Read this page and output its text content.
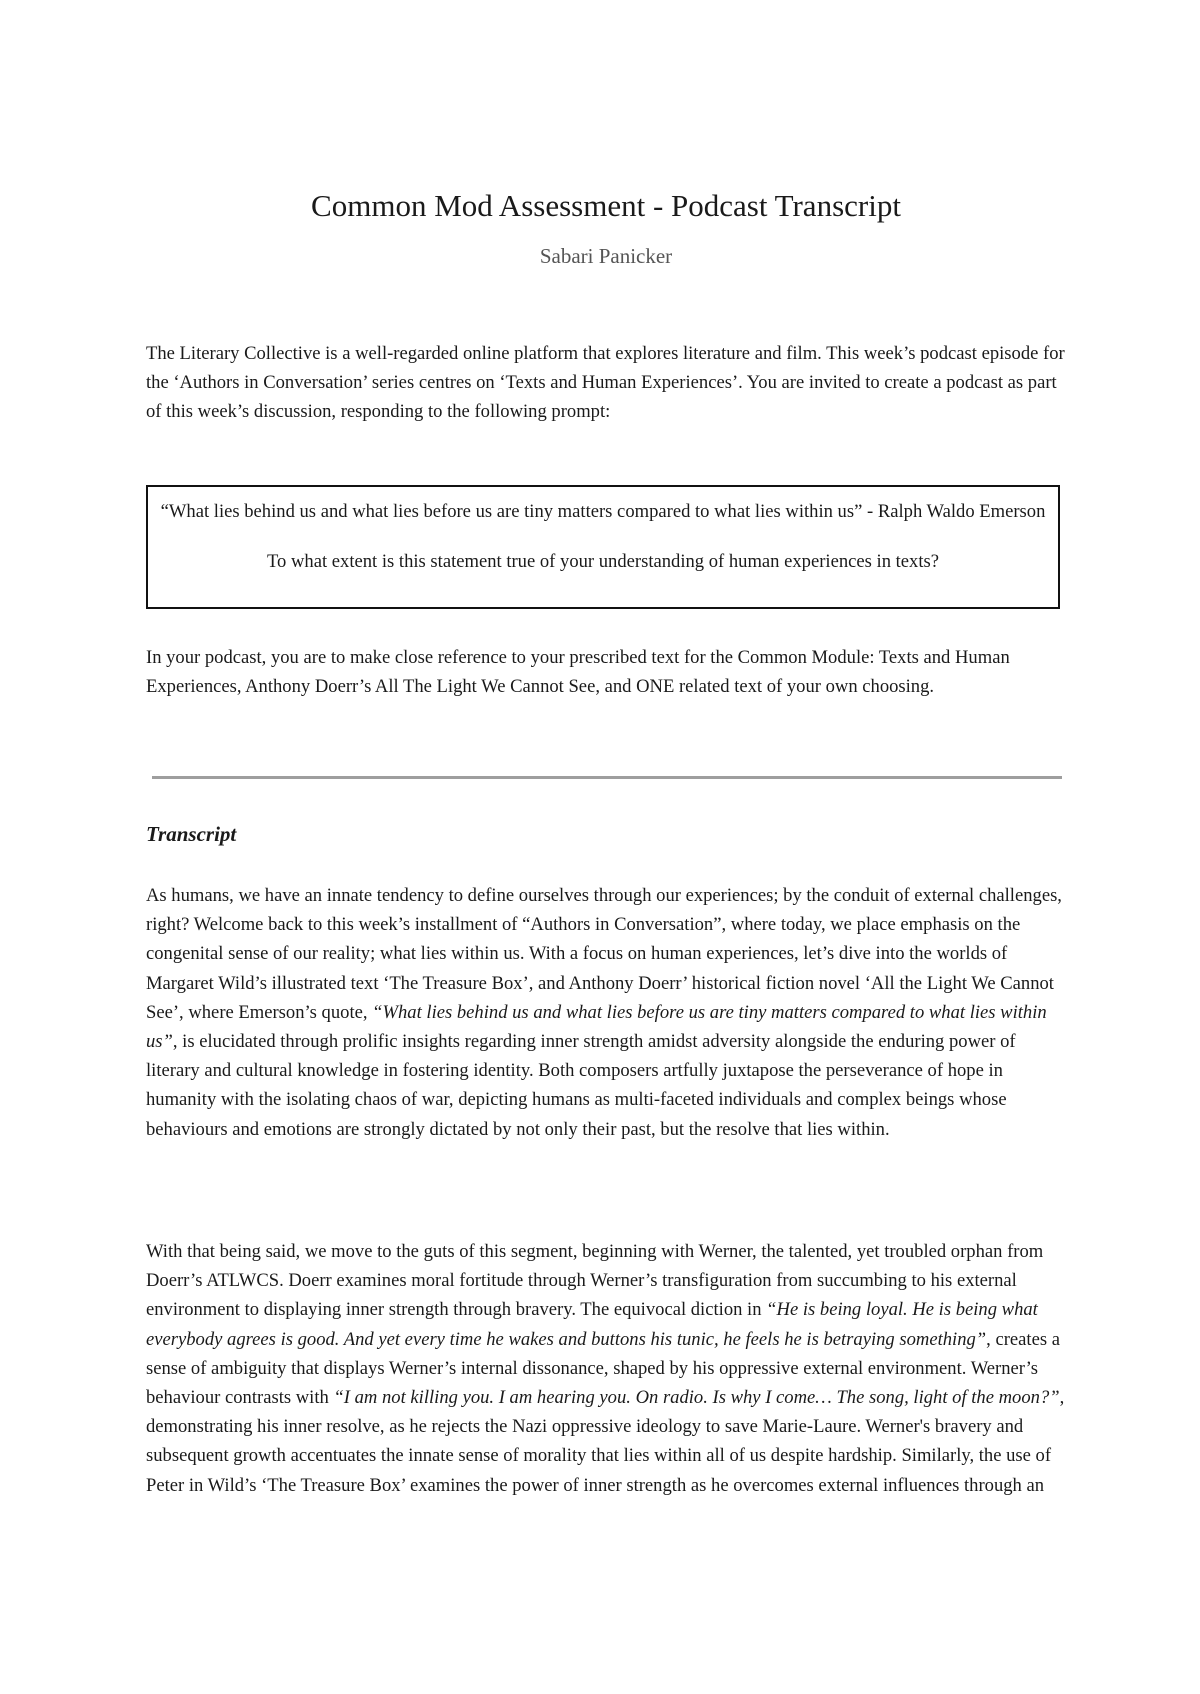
Common Mod Assessment - Podcast Transcript

Sabari Panicker

The Literary Collective is a well-regarded online platform that explores literature and film. This week’s podcast episode for the ‘Authors in Conversation’ series centres on ‘Texts and Human Experiences’. You are invited to create a podcast as part of this week’s discussion, responding to the following prompt:

“What lies behind us and what lies before us are tiny matters compared to what lies within us” - Ralph Waldo Emerson

To what extent is this statement true of your understanding of human experiences in texts?

In your podcast, you are to make close reference to your prescribed text for the Common Module: Texts and Human Experiences, Anthony Doerr’s All The Light We Cannot See, and ONE related text of your own choosing.

Transcript

As humans, we have an innate tendency to define ourselves through our experiences; by the conduit of external challenges, right? Welcome back to this week’s installment of “Authors in Conversation”, where today, we place emphasis on the congenital sense of our reality; what lies within us. With a focus on human experiences, let’s dive into the worlds of Margaret Wild’s illustrated text ‘The Treasure Box’, and Anthony Doerr’ historical fiction novel ‘All the Light We Cannot See’, where Emerson’s quote, “What lies behind us and what lies before us are tiny matters compared to what lies within us”, is elucidated through prolific insights regarding inner strength amidst adversity alongside the enduring power of literary and cultural knowledge in fostering identity. Both composers artfully juxtapose the perseverance of hope in humanity with the isolating chaos of war, depicting humans as multi-faceted individuals and complex beings whose behaviours and emotions are strongly dictated by not only their past, but the resolve that lies within.

With that being said, we move to the guts of this segment, beginning with Werner, the talented, yet troubled orphan from Doerr’s ATLWCS. Doerr examines moral fortitude through Werner’s transfiguration from succumbing to his external environment to displaying inner strength through bravery. The equivocal diction in “He is being loyal. He is being what everybody agrees is good. And yet every time he wakes and buttons his tunic, he feels he is betraying something”, creates a sense of ambiguity that displays Werner’s internal dissonance, shaped by his oppressive external environment. Werner’s behaviour contrasts with “I am not killing you. I am hearing you. On radio. Is why I come… The song, light of the moon?”, demonstrating his inner resolve, as he rejects the Nazi oppressive ideology to save Marie-Laure. Werner's bravery and subsequent growth accentuates the innate sense of morality that lies within all of us despite hardship. Similarly, the use of Peter in Wild’s ‘The Treasure Box’ examines the power of inner strength as he overcomes external influences through an
